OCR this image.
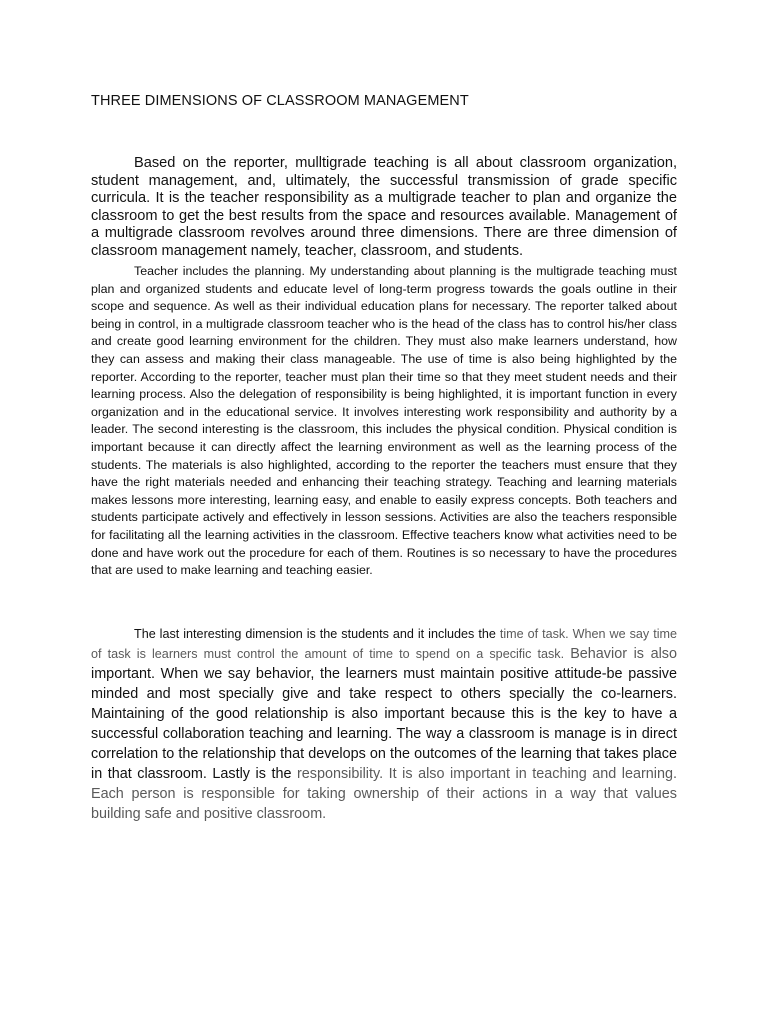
THREE DIMENSIONS OF CLASSROOM MANAGEMENT

Based on the reporter, mulltigrade teaching is all about classroom organization, student management, and, ultimately, the successful transmission of grade specific curricula. It is the teacher responsibility as a multigrade teacher to plan and organize the classroom to get the best results from the space and resources available. Management of a multigrade classroom revolves around three dimensions. There are three dimension of classroom management namely, teacher, classroom, and students.

Teacher includes the planning. My understanding about planning is the multigrade teaching must plan and organized students and educate level of long-term progress towards the goals outline in their scope and sequence. As well as their individual education plans for necessary. The reporter talked about being in control, in a multigrade classroom teacher who is the head of the class has to control his/her class and create good learning environment for the children. They must also make learners understand, how they can assess and making their class manageable. The use of time is also being highlighted by the reporter. According to the reporter, teacher must plan their time so that they meet student needs and their learning process. Also the delegation of responsibility is being highlighted, it is important function in every organization and in the educational service. It involves interesting work responsibility and authority by a leader. The second interesting is the classroom, this includes the physical condition. Physical condition is important because it can directly affect the learning environment as well as the learning process of the students. The materials is also highlighted, according to the reporter the teachers must ensure that they have the right materials needed and enhancing their teaching strategy. Teaching and learning materials makes lessons more interesting, learning easy, and enable to easily express concepts. Both teachers and students participate actively and effectively in lesson sessions. Activities are also the teachers responsible for facilitating all the learning activities in the classroom. Effective teachers know what activities need to be done and have work out the procedure for each of them. Routines is so necessary to have the procedures that are used to make learning and teaching easier.

The last interesting dimension is the students and it includes the time of task. When we say time of task is learners must control the amount of time to spend on a specific task. Behavior is also important. When we say behavior, the learners must maintain positive attitude-be passive minded and most specially give and take respect to others specially the co-learners. Maintaining of the good relationship is also important because this is the key to have a successful collaboration teaching and learning. The way a classroom is manage is in direct correlation to the relationship that develops on the outcomes of the learning that takes place in that classroom. Lastly is the responsibility. It is also important in teaching and learning. Each person is responsible for taking ownership of their actions in a way that values building safe and positive classroom.
